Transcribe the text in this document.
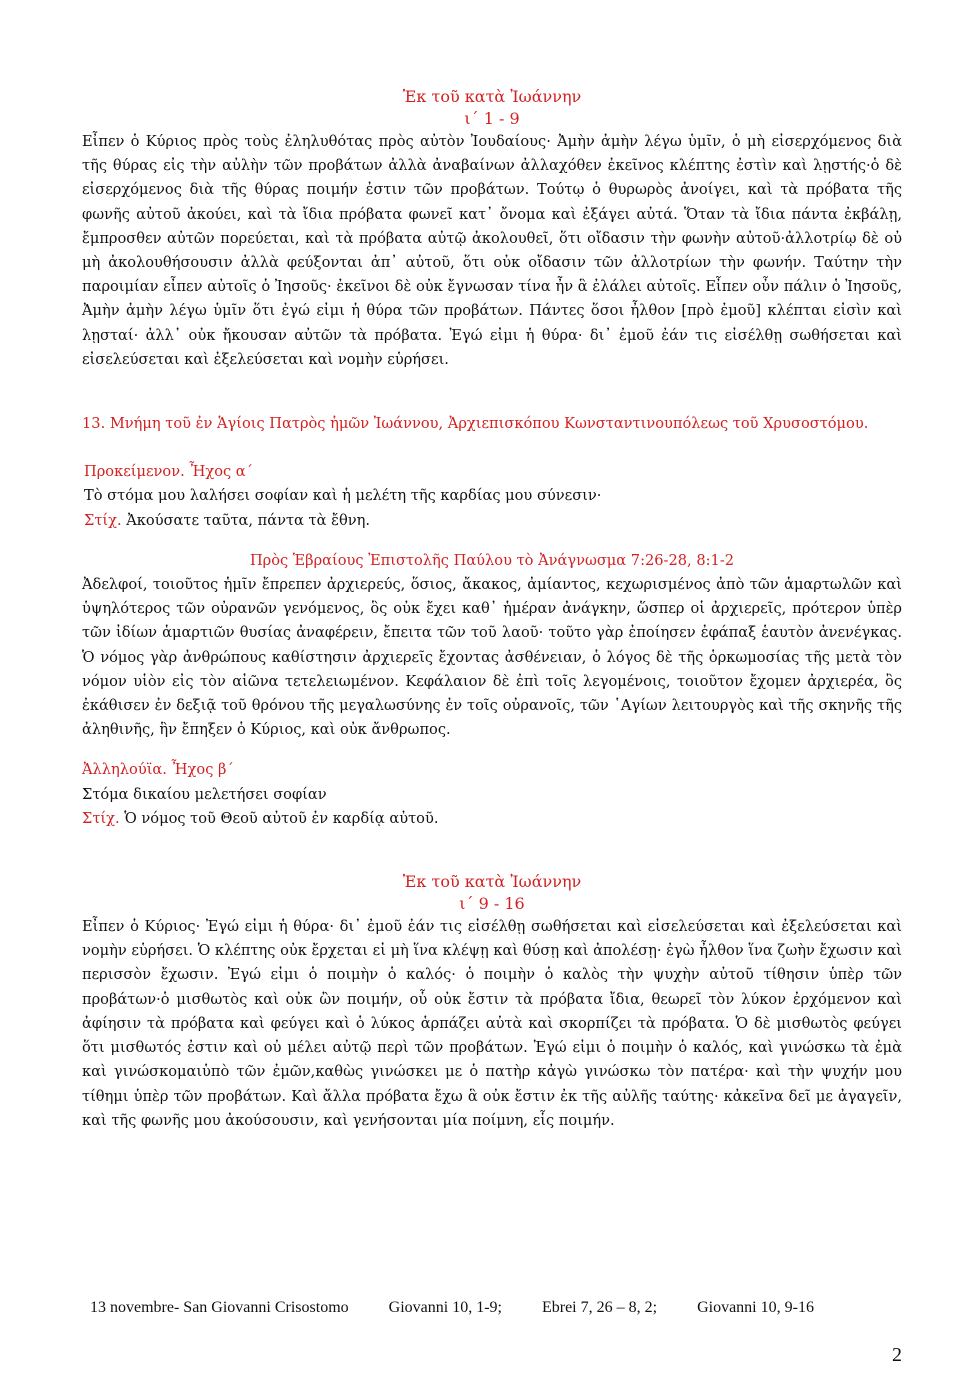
Ἐκ τοῦ κατὰ Ἰωάννην
ι΄ 1 - 9

Εἶπεν ὁ Κύριος πρὸς τοὺς ἐληλυθότας πρὸς αὐτὸν Ἰουδαίους· Ἀμὴν ἀμὴν λέγω ὑμῖν, ὁ μὴ εἰσερχόμενος διὰ τῆς θύρας εἰς τὴν αὐλὴν τῶν προβάτων ἀλλὰ ἀναβαίνων ἀλλαχόθεν ἐκεῖνος κλέπτης ἐστὶν καὶ λῃστής·ὁ δὲ εἰσερχόμενος διὰ τῆς θύρας ποιμήν ἐστιν τῶν προβάτων. Τούτῳ ὁ θυρωρὸς ἀνοίγει, καὶ τὰ πρόβατα τῆς φωνῆς αὐτοῦ ἀκούει, καὶ τὰ ἴδια πρόβατα φωνεῖ κατ᾽ ὄνομα καὶ ἐξάγει αὐτά. Ὅταν τὰ ἴδια πάντα ἐκβάλῃ, ἔμπροσθεν αὐτῶν πορεύεται, καὶ τὰ πρόβατα αὐτῷ ἀκολουθεῖ, ὅτι οἴδασιν τὴν φωνὴν αὐτοῦ·ἀλλοτρίῳ δὲ οὐ μὴ ἀκολουθήσουσιν ἀλλὰ φεύξονται ἀπ᾽ αὐτοῦ, ὅτι οὐκ οἴδασιν τῶν ἀλλοτρίων τὴν φωνήν. Ταύτην τὴν παροιμίαν εἶπεν αὐτοῖς ὁ Ἰησοῦς· ἐκεῖνοι δὲ οὐκ ἔγνωσαν τίνα ἦν ἃ ἐλάλει αὐτοῖς. Εἶπεν οὖν πάλιν ὁ Ἰησοῦς, Ἀμὴν ἀμὴν λέγω ὑμῖν ὅτι ἐγώ εἰμι ἡ θύρα τῶν προβάτων. Πάντες ὅσοι ἦλθον [πρὸ ἐμοῦ] κλέπται εἰσὶν καὶ λῃσταί· ἀλλ᾽ οὐκ ἤκουσαν αὐτῶν τὰ πρόβατα. Ἐγώ εἰμι ἡ θύρα· δι᾽ ἐμοῦ ἐάν τις εἰσέλθῃ σωθήσεται καὶ εἰσελεύσεται καὶ ἐξελεύσεται καὶ νομὴν εὑρήσει.

13. Μνήμη τοῦ ἐν Ἁγίοις Πατρὸς ἡμῶν Ἰωάννου, Ἀρχιεπισκόπου Κωνσταντινουπόλεως τοῦ Χρυσοστόμου.

Προκείμενον. Ἦχος α΄
Τὸ στόμα μου λαλήσει σοφίαν καὶ ἡ μελέτη τῆς καρδίας μου σύνεσιν·
Στίχ. Ἀκούσατε ταῦτα, πάντα τὰ ἔθνη.
Πρὸς Ἑβραίους Ἐπιστολῆς Παύλου τὸ Ἀνάγνωσμα 7:26-28, 8:1-2

Ἀδελφοί, τοιοῦτος ἡμῖν ἔπρεπεν ἀρχιερεύς, ὅσιος, ἄκακος, ἀμίαντος, κεχωρισμένος ἀπὸ τῶν ἁμαρτωλῶν καὶ ὑψηλότερος τῶν οὐρανῶν γενόμενος, ὃς οὐκ ἔχει καθ᾽ ἡμέραν ἀνάγκην, ὥσπερ οἱ ἀρχιερεῖς, πρότερον ὑπὲρ τῶν ἰδίων ἁμαρτιῶν θυσίας ἀναφέρειν, ἔπειτα τῶν τοῦ λαοῦ· τοῦτο γὰρ ἐποίησεν ἐφάπαξ ἑαυτὸν ἀνενέγκας. Ὁ νόμος γὰρ ἀνθρώπους καθίστησιν ἀρχιερεῖς ἔχοντας ἀσθένειαν, ὁ λόγος δὲ τῆς ὁρκωμοσίας τῆς μετὰ τὸν νόμον υἱὸν εἰς τὸν αἰῶνα τετελειωμένον. Κεφάλαιον δὲ ἐπὶ τοῖς λεγομένοις, τοιοῦτον ἔχομεν ἀρχιερέα, ὃς ἐκάθισεν ἐν δεξιᾷ τοῦ θρόνου τῆς μεγαλωσύνης ἐν τοῖς οὐρανοῖς, τῶν ῾Αγίων λειτουργὸς καὶ τῆς σκηνῆς τῆς ἀληθινῆς, ἣν ἔπηξεν ὁ Κύριος, καὶ οὐκ ἄνθρωπος.

Ἀλληλούϊα. Ἦχος β΄
Στόμα δικαίου μελετήσει σοφίαν
Στίχ. Ὁ νόμος τοῦ Θεοῦ αὐτοῦ ἐν καρδίᾳ αὐτοῦ.
Ἐκ τοῦ κατὰ Ἰωάννην
ι΄ 9 - 16

Εἶπεν ὁ Κύριος· Ἐγώ εἰμι ἡ θύρα· δι᾽ ἐμοῦ ἐάν τις εἰσέλθῃ σωθήσεται καὶ εἰσελεύσεται καὶ ἐξελεύσεται καὶ νομὴν εὑρήσει. Ὁ κλέπτης οὐκ ἔρχεται εἰ μὴ ἵνα κλέψῃ καὶ θύσῃ καὶ ἀπολέσῃ· ἐγὼ ἦλθον ἵνα ζωὴν ἔχωσιν καὶ περισσὸν ἔχωσιν. Ἐγώ εἰμι ὁ ποιμὴν ὁ καλός· ὁ ποιμὴν ὁ καλὸς τὴν ψυχὴν αὐτοῦ τίθησιν ὑπὲρ τῶν προβάτων·ὁ μισθωτὸς καὶ οὐκ ὢν ποιμήν, οὗ οὐκ ἔστιν τὰ πρόβατα ἴδια, θεωρεῖ τὸν λύκον ἐρχόμενον καὶ ἀφίησιν τὰ πρόβατα καὶ φεύγει καὶ ὁ λύκος ἁρπάζει αὐτὰ καὶ σκορπίζει τὰ πρόβατα. Ὁ δὲ μισθωτὸς φεύγει ὅτι μισθωτός ἐστιν καὶ οὐ μέλει αὐτῷ περὶ τῶν προβάτων. Ἐγώ εἰμι ὁ ποιμὴν ὁ καλός, καὶ γινώσκω τὰ ἐμὰ καὶ γινώσκομαιὑπὸ τῶν ἐμῶν,καθὼς γινώσκει με ὁ πατὴρ κἀγὼ γινώσκω τὸν πατέρα· καὶ τὴν ψυχήν μου τίθημι ὑπὲρ τῶν προβάτων. Καὶ ἄλλα πρόβατα ἔχω ἃ οὐκ ἔστιν ἐκ τῆς αὐλῆς ταύτης· κἀκεῖνα δεῖ με ἀγαγεῖν, καὶ τῆς φωνῆς μου ἀκούσουσιν, καὶ γενήσονται μία ποίμνη, εἷς ποιμήν.

13 novembre- San Giovanni Crisostomo	Giovanni 10, 1-9;	Ebrei 7, 26 – 8, 2;	Giovanni 10, 9-16
2
